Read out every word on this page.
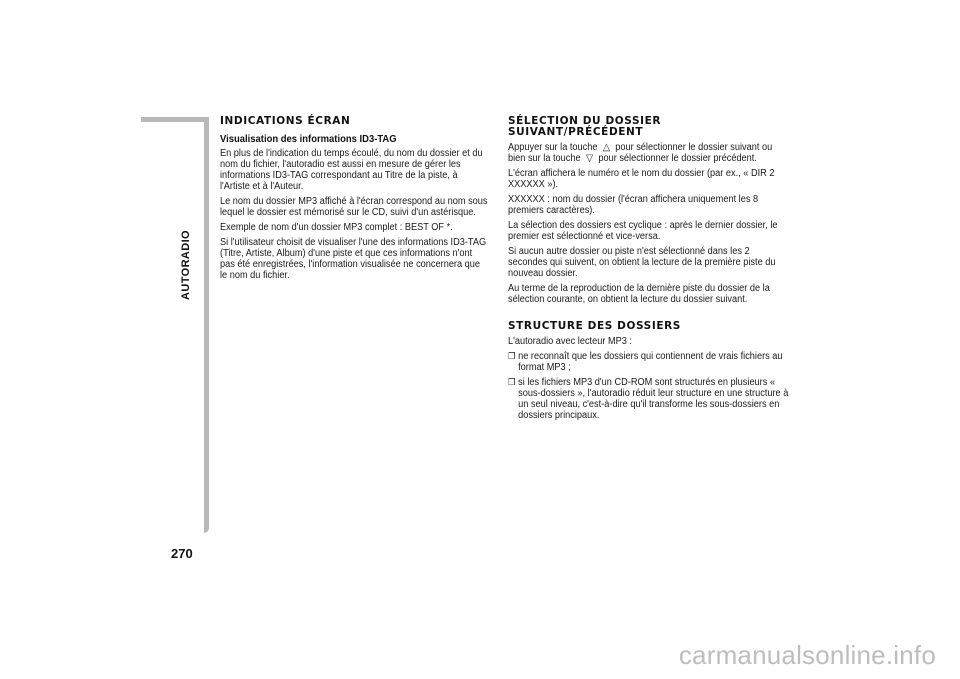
AUTORADIO
270
INDICATIONS ÉCRAN
Visualisation des informations ID3-TAG

En plus de l'indication du temps écoulé, du nom du dossier et du nom du fichier, l'autoradio est aussi en mesure de gérer les informations ID3-TAG correspondant au Titre de la piste, à l'Artiste et à l'Auteur.

Le nom du dossier MP3 affiché à l'écran correspond au nom sous lequel le dossier est mémorisé sur le CD, suivi d'un astérisque.

Exemple de nom d'un dossier MP3 complet : BEST OF *.

Si l'utilisateur choisit de visualiser l'une des informations ID3-TAG (Titre, Artiste, Album) d'une piste et que ces informations n'ont pas été enregistrées, l'information visualisée ne concernera que le nom du fichier.

SÉLECTION DU DOSSIER
SUIVANT/PRÉCÉDENT

Appuyer sur la touche △ pour sélectionner le dossier suivant ou bien sur la touche ▽ pour sélectionner le dossier précédent.

L'écran affichera le numéro et le nom du dossier (par ex., « DIR 2 XXXXXX »).

XXXXXX : nom du dossier (l'écran affichera uniquement les 8 premiers caractères).

La sélection des dossiers est cyclique : après le dernier dossier, le premier est sélectionné et vice-versa.

Si aucun autre dossier ou piste n'est sélectionné dans les 2 secondes qui suivent, on obtient la lecture de la première piste du nouveau dossier.

Au terme de la reproduction de la dernière piste du dossier de la sélection courante, on obtient la lecture du dossier suivant.

STRUCTURE DES DOSSIERS

L'autoradio avec lecteur MP3 :

❒ ne reconnaît que les dossiers qui contiennent de vrais fichiers au format MP3 ;
❒ si les fichiers MP3 d'un CD-ROM sont structurés en plusieurs « sous-dossiers », l'autoradio réduit leur structure en une structure à un seul niveau, c'est-à-dire qu'il transforme les sous-dossiers en dossiers principaux.
carmanualsonline.info
